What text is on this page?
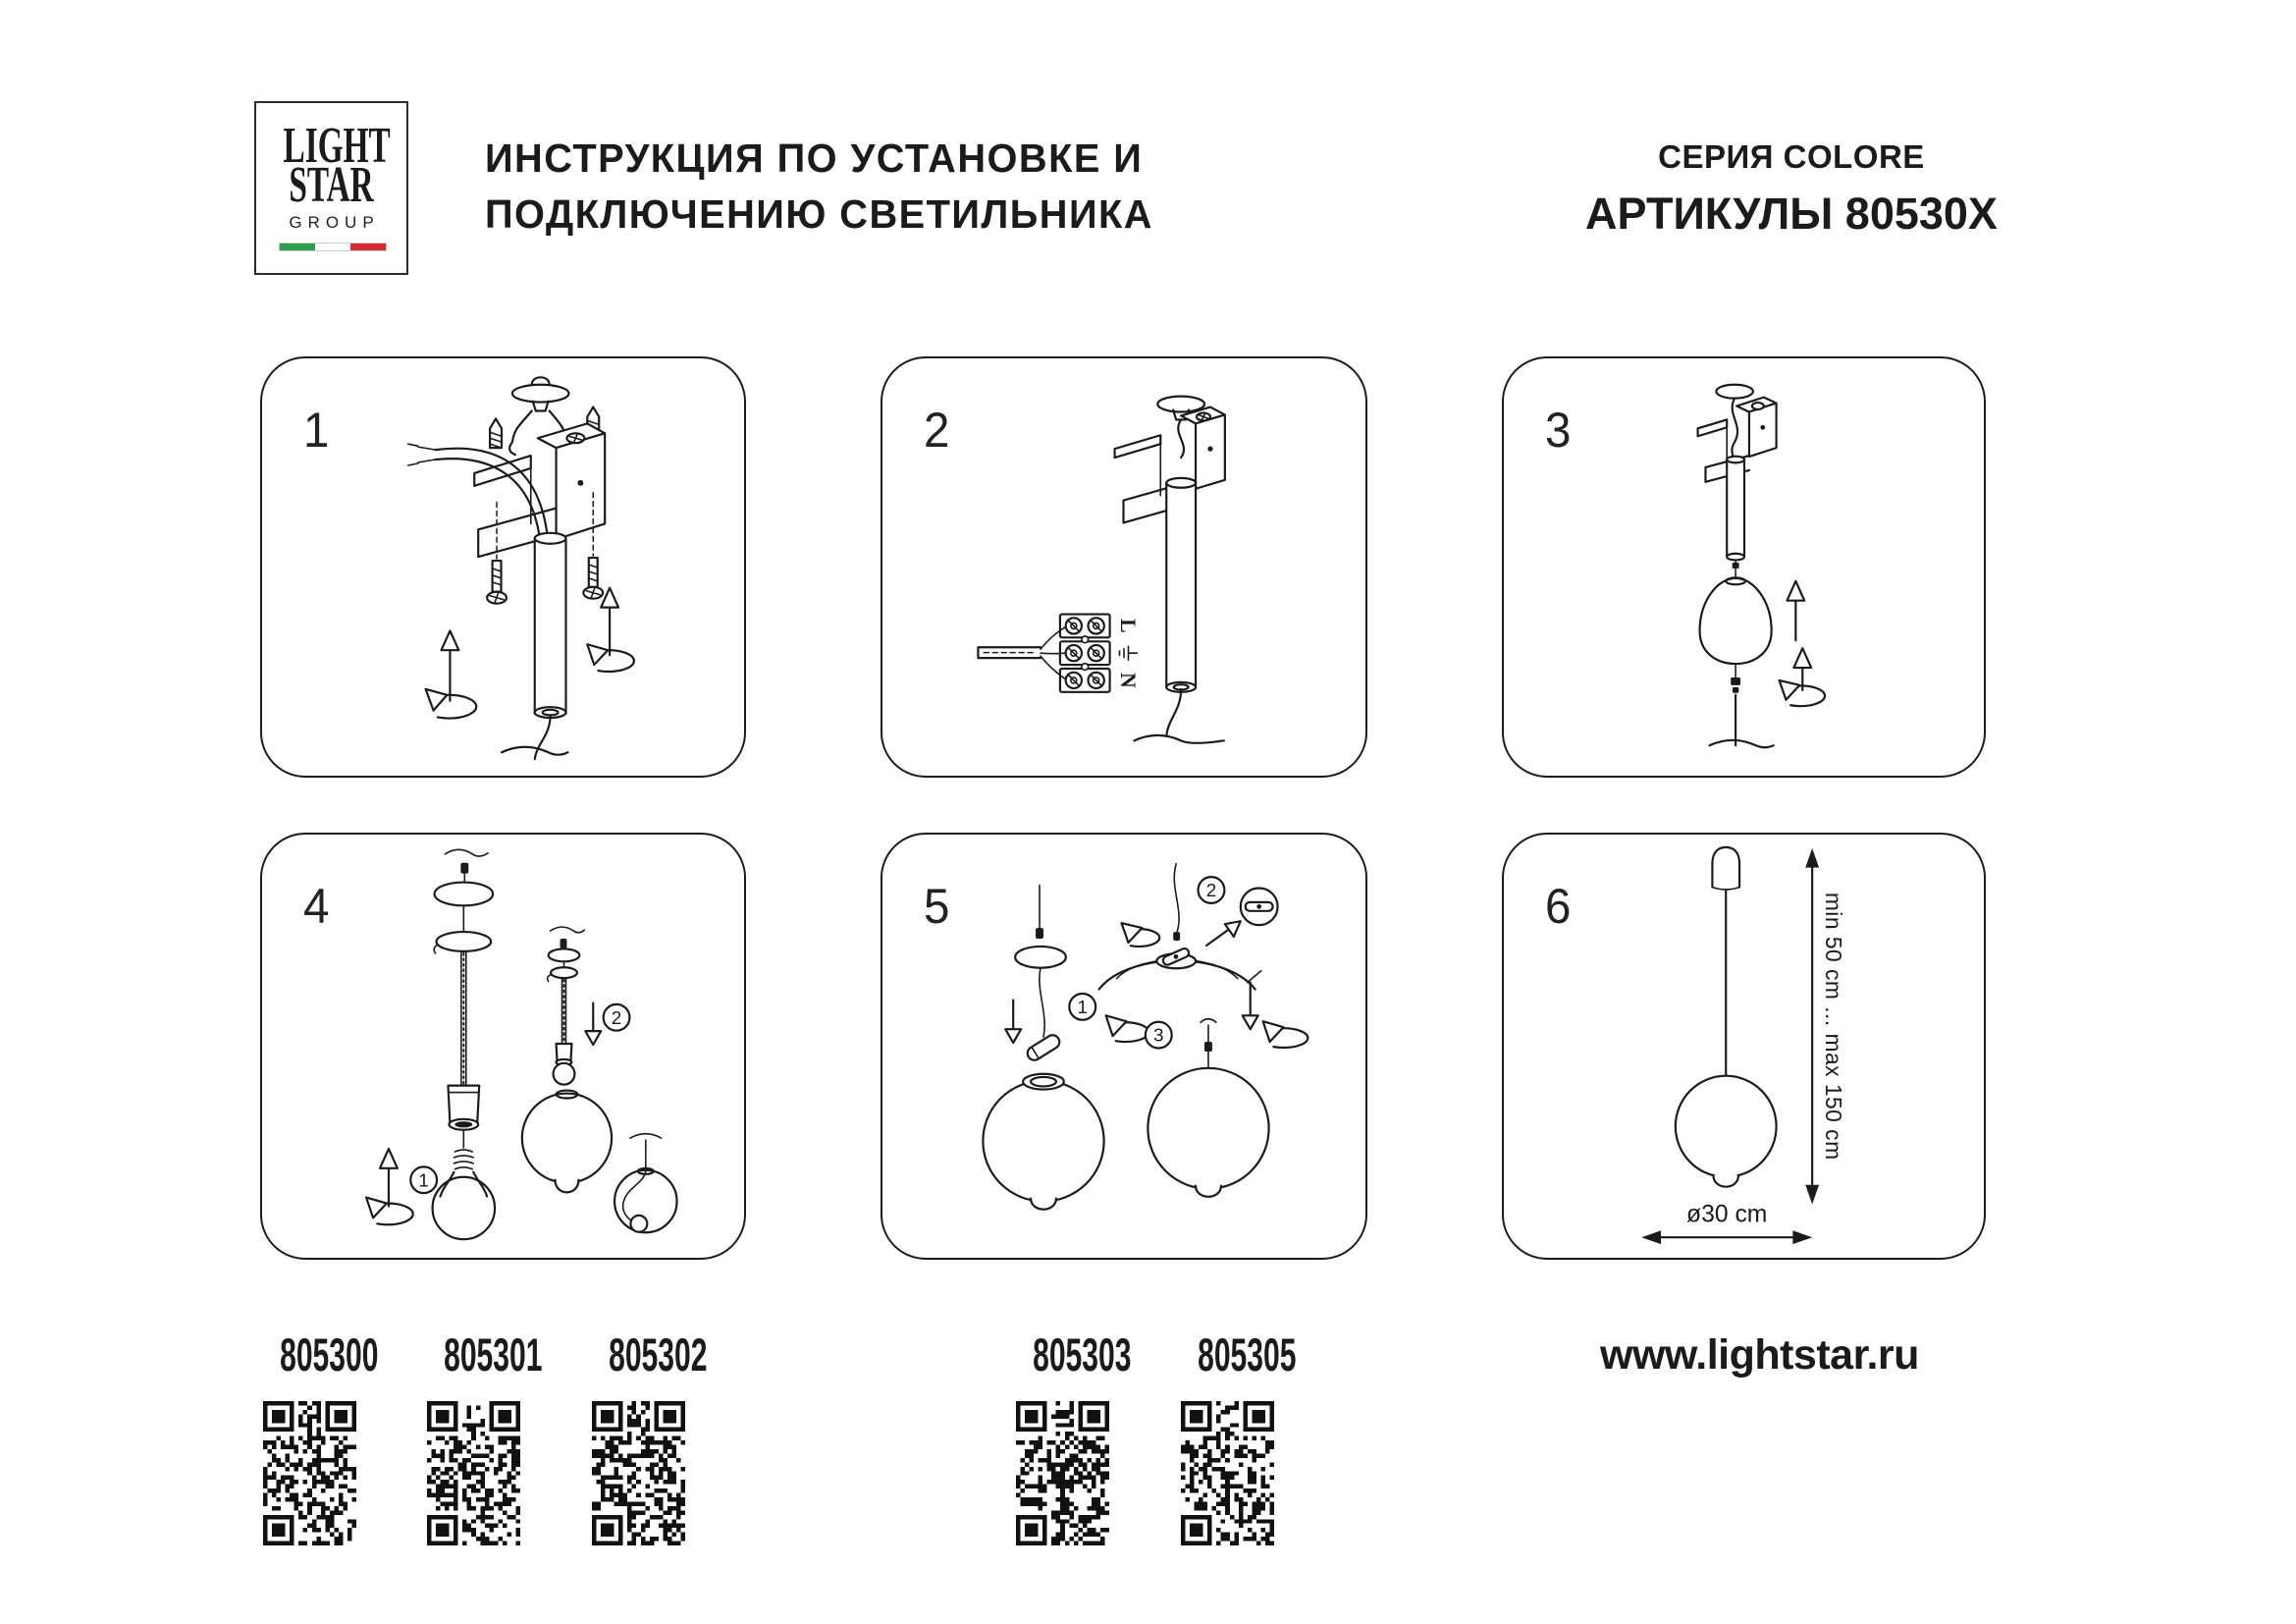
LIGHT
STAR
GROUP
ИНСТРУКЦИЯ ПО УСТАНОВКЕ И
ПОДКЛЮЧЕНИЮ СВЕТИЛЬНИКА
СЕРИЯ COLORE
АРТИКУЛЫ 80530X
1	2
L
N
3
4
1
2
5
1
2
3
6	min 50 cm ... max 150 cm
ø30 cm
805300 805301 805302	805303 805305	www.lightstar.ru
